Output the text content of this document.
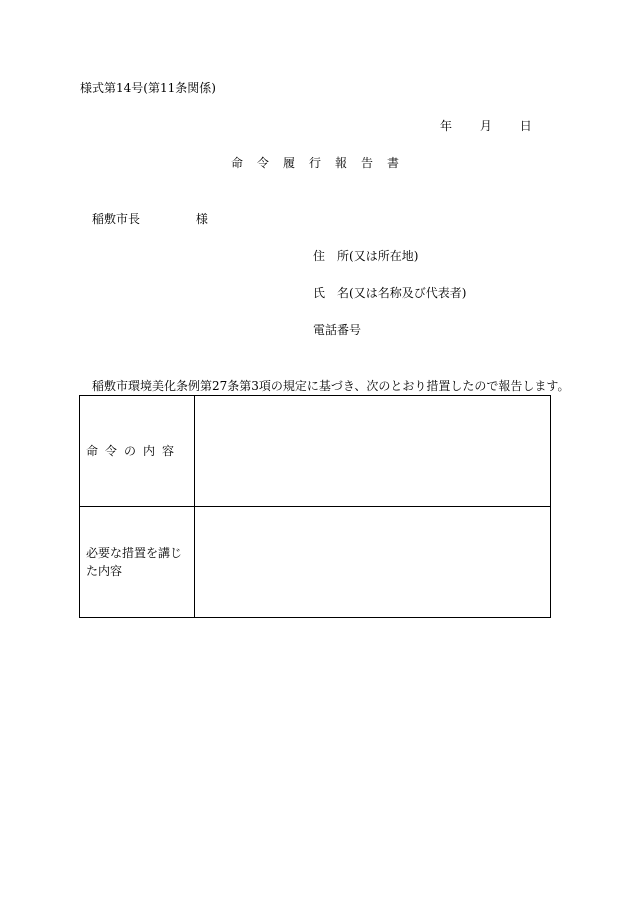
様式第14号(第11条関係)
年 月 日
命令履行報告書
稲敷市長	様
住 所(又は所在地)
氏 名(又は名称及び代表者)
電話番号
稲敷市環境美化条例第27条第3項の規定に基づき、次のとおり措置したので報告します。
命令の内容	
必要な措置を講じた内容	
